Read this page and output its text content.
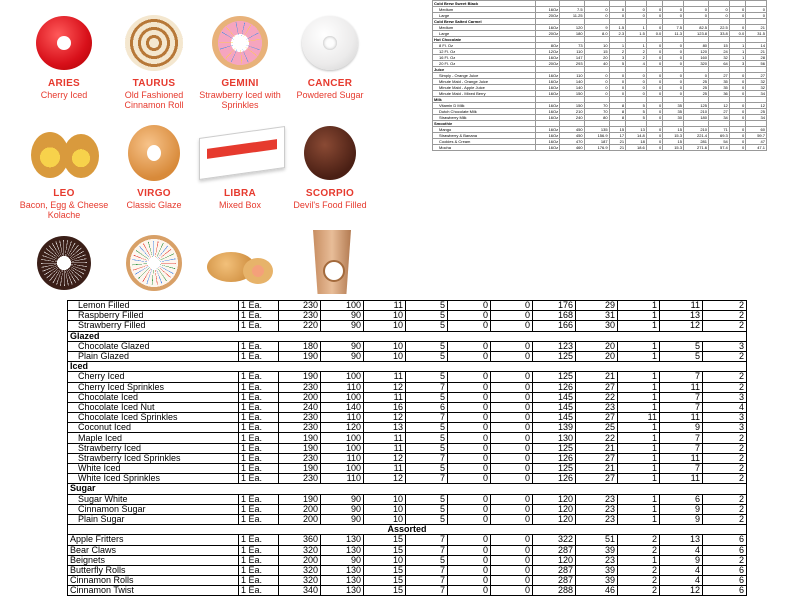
ARIES
Cherry Iced
TAURUS
Old Fashioned Cinnamon Roll
GEMINI
Strawberry Iced with Sprinkles
CANCER
Powdered Sugar
LEO
Bacon, Egg & Cheese Kolache
VIRGO
Classic Glaze
LIBRA
Mixed Box
SCORPIO
Devil's Food Filled
Cold Brew Sweet Black											
Medium	16Oz	7.5	0	0	0	0	0	0	0	0	0
Large	20Oz	11.25	0	0	0	0	0	0	0	0	0
Cold Brew Salted Carmel											
Medium	16Oz	120	9	1.5	1	0	7.5	82.5	22.5	0	21
Large	20Oz	180	8.0	2.3	1.5	0.0	11.3	123.8	33.8	0.0	31.5
Hot Chocolate											
8 Fl. Oz	8Oz	73	10	1	1	0	0	80	15	1	14
12 Fl. Oz	12Oz	110	15	2	2	0	0	120	24	1	21
16 Fl. Oz	16Oz	147	20	3	2	0	0	160	32	1	28
20 Fl. Oz	20Oz	293	40	5	4	0	0	320	64	3	56
Juice											
Simply - Orange Juice	16Oz	110	0	0	0	0	0	0	27	0	27
Minute Maid - Orange Juice	16Oz	140	0	0	0	0	0	25	35	0	32
Minute Maid - Apple Juice	16Oz	140	0	0	0	0	0	25	35	0	32
Minute Maid - Mixed Berry	16Oz	150	0	0	0	0	0	25	36	0	34
Milk											
Vitamin D Milk	16Oz	150	70	8	5	0	35	125	12	0	12
Dutch Chocolate Milk	16Oz	210	70	8	5	0	35	210	27	0	25
Strawberry Milk	16Oz	240	80	8	5	0	30	180	34	0	34
Smoothie											
Mango	16Oz	450	135	15	13	0	15	210	71	0	60
Strawberry & Banana	16Oz	450	156.9	17	14.8	0	15.3	221.4	69.3	0	59.7
Cookies & Cream	16Oz	470	187	21	18	0	15	281	54	0	47
Mocha	16Oz	460	176.9	21	18.6	0	15.3	271.6	57.4	0	47.1
Lemon Filled	1 Ea.	230	100	11	5	0	0	176	29	1	11	2
Raspberry Filled	1 Ea.	230	90	10	5	0	0	168	31	1	13	2
Strawberry Filled	1 Ea.	220	90	10	5	0	0	166	30	1	12	2
Glazed												
Chocolate Glazed	1 Ea.	180	90	10	5	0	0	123	20	1	5	3
Plain Glazed	1 Ea.	190	90	10	5	0	0	125	20	1	5	2
Iced												
Cherry Iced	1 Ea.	190	100	11	5	0	0	125	21	1	7	2
Cherry Iced Sprinkles	1 Ea.	230	110	12	7	0	0	126	27	1	11	2
Chocolate Iced	1 Ea.	200	100	11	5	0	0	145	22	1	7	3
Chocolate Iced Nut	1 Ea.	240	140	16	6	0	0	145	23	1	7	4
Chocolate Iced Sprinkles	1 Ea.	230	110	12	7	0	0	145	27	11	11	3
Coconut Iced	1 Ea.	230	120	13	5	0	0	139	25	1	9	3
Maple Iced	1 Ea.	190	100	11	5	0	0	130	22	1	7	2
Strawberry Iced	1 Ea.	190	100	11	5	0	0	125	21	1	7	2
Strawberry Iced Sprinkles	1 Ea.	230	110	12	7	0	0	126	27	1	11	2
White Iced	1 Ea.	190	100	11	5	0	0	125	21	1	7	2
White Iced Sprinkles	1 Ea.	230	110	12	7	0	0	126	27	1	11	2
Sugar												
Sugar White	1 Ea.	190	90	10	5	0	0	120	23	1	6	2
Cinnamon Sugar	1 Ea.	200	90	10	5	0	0	120	23	1	9	2
Plain Sugar	1 Ea.	200	90	10	5	0	0	120	23	1	9	2
Assorted												
Apple Fritters	1 Ea.	360	130	15	7	0	0	322	51	2	13	6
Bear Claws	1 Ea.	320	130	15	7	0	0	287	39	2	4	6
Beignets	1 Ea.	200	90	10	5	0	0	120	23	1	9	2
Butterfly Rolls	1 Ea.	320	130	15	7	0	0	287	39	2	4	6
Cinnamon Rolls	1 Ea.	320	130	15	7	0	0	287	39	2	4	6
Cinnamon Twist	1 Ea.	340	130	15	7	0	0	288	46	2	12	6
